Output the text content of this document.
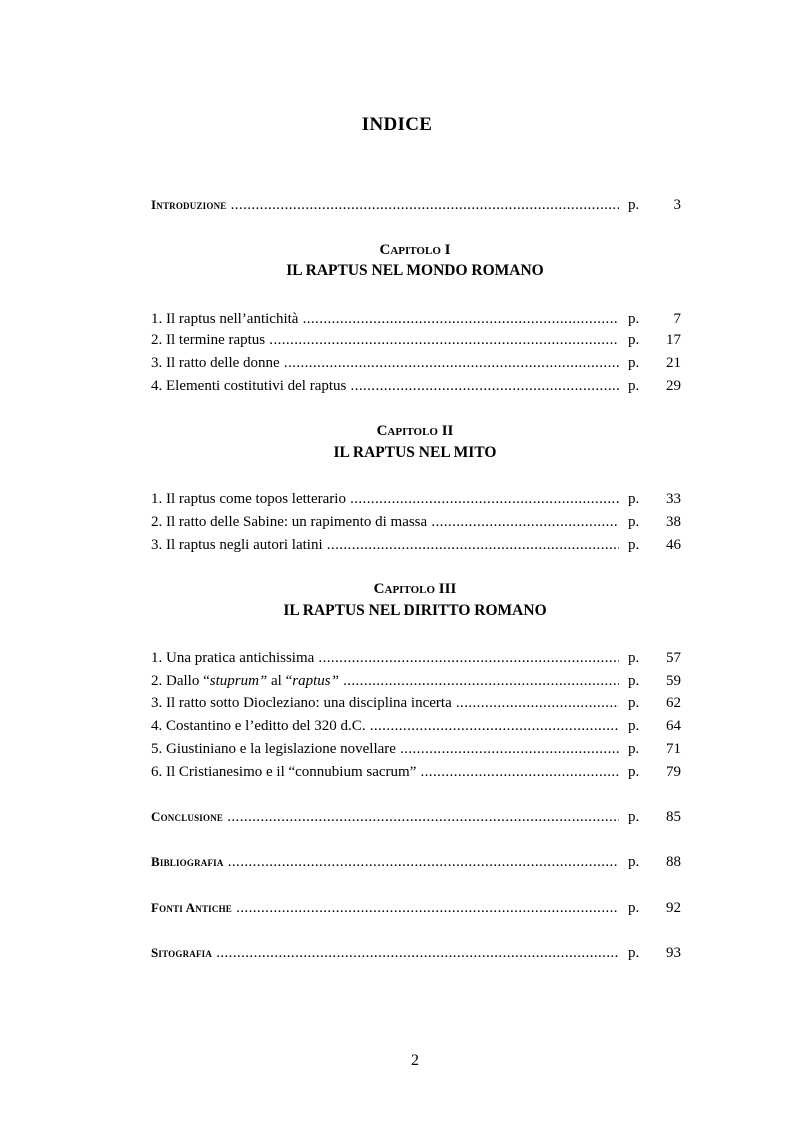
INDICE
Introduzione .....	p. 3
Capitolo I
IL RAPTUS NEL MONDO ROMANO
1. Il raptus nell’antichità .....	p. 7
2. Il termine raptus .....	p. 17
3. Il ratto delle donne .....	p. 21
4. Elementi costitutivi del raptus .....	p. 29
Capitolo II
IL RAPTUS NEL MITO
1. Il raptus come topos letterario .....	p. 33
2. Il ratto delle Sabine: un rapimento di massa .....	p. 38
3. Il raptus negli autori latini .....	p. 46
Capitolo III
IL RAPTUS NEL DIRITTO ROMANO
1. Una pratica antichissima .....	p. 57
2. Dallo “stuprum” al “raptus” .....	p. 59
3. Il ratto sotto Diocleziano: una disciplina incerta .....	p. 62
4. Costantino e l’editto del 320 d.C. .....	p. 64
5. Giustiniano e la legislazione novellare .....	p. 71
6. Il Cristianesimo e il “connubium sacrum” .....	p. 79
Conclusione .....	p. 85
Bibliografia .....	p. 88
Fonti Antiche .....	p. 92
Sitografia .....	p. 93
2
